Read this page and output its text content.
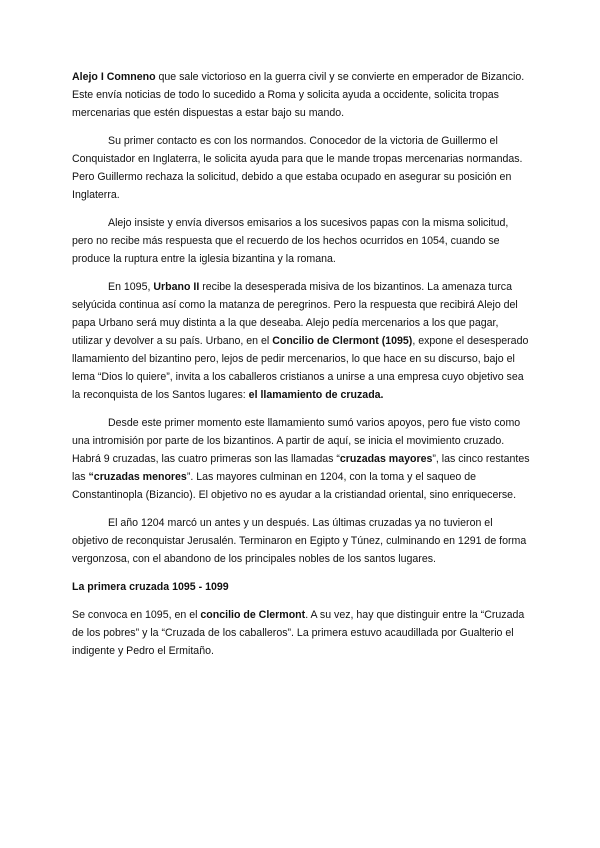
Alejo I Comneno que sale victorioso en la guerra civil y se convierte en emperador de Bizancio. Este envía noticias de todo lo sucedido a Roma y solicita ayuda a occidente, solicita tropas mercenarias que estén dispuestas a estar bajo su mando.

Su primer contacto es con los normandos. Conocedor de la victoria de Guillermo el Conquistador en Inglaterra, le solicita ayuda para que le mande tropas mercenarias normandas. Pero Guillermo rechaza la solicitud, debido a que estaba ocupado en asegurar su posición en Inglaterra.

Alejo insiste y envía diversos emisarios a los sucesivos papas con la misma solicitud, pero no recibe más respuesta que el recuerdo de los hechos ocurridos en 1054, cuando se produce la ruptura entre la iglesia bizantina y la romana.

En 1095, Urbano II recibe la desesperada misiva de los bizantinos. La amenaza turca selyúcida continua así como la matanza de peregrinos. Pero la respuesta que recibirá Alejo del papa Urbano será muy distinta a la que deseaba. Alejo pedía mercenarios a los que pagar, utilizar y devolver a su país. Urbano, en el Concilio de Clermont (1095), expone el desesperado llamamiento del bizantino pero, lejos de pedir mercenarios, lo que hace en su discurso, bajo el lema “Dios lo quiere”, invita a los caballeros cristianos a unirse a una empresa cuyo objetivo sea la reconquista de los Santos lugares: el llamamiento de cruzada.

Desde este primer momento este llamamiento sumó varios apoyos, pero fue visto como una intromisión por parte de los bizantinos. A partir de aquí, se inicia el movimiento cruzado. Habrá 9 cruzadas, las cuatro primeras son las llamadas “cruzadas mayores”, las cinco restantes las “cruzadas menores”. Las mayores culminan en 1204, con la toma y el saqueo de Constantinopla (Bizancio). El objetivo no es ayudar a la cristiandad oriental, sino enriquecerse.

El año 1204 marcó un antes y un después. Las últimas cruzadas ya no tuvieron el objetivo de reconquistar Jerusalén. Terminaron en Egipto y Túnez, culminando en 1291 de forma vergonzosa, con el abandono de los principales nobles de los santos lugares.

La primera cruzada 1095 - 1099

Se convoca en 1095, en el concilio de Clermont. A su vez, hay que distinguir entre la “Cruzada de los pobres” y la “Cruzada de los caballeros”. La primera estuvo acaudillada por Gualterio el indigente y Pedro el Ermitaño.
